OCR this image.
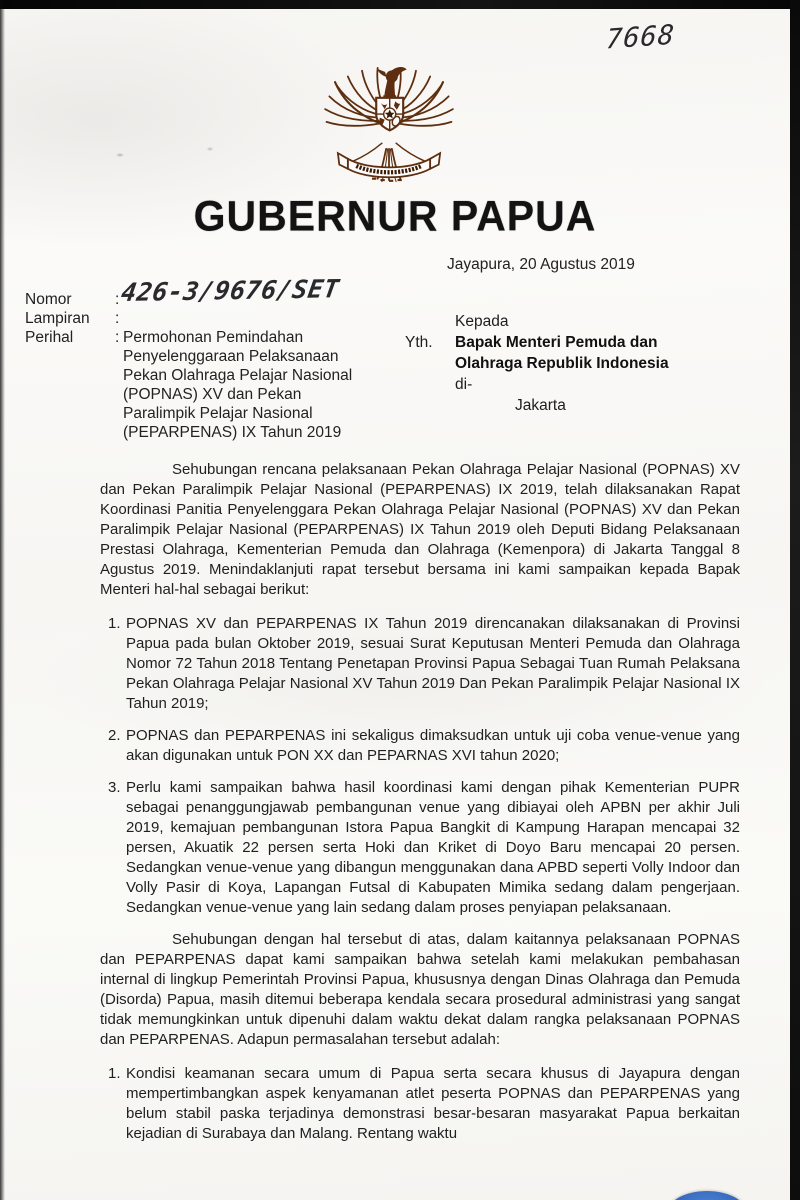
7668
GUBERNUR PAPUA
Jayapura, 20 Agustus 2019
Nomor	: 426-3/9676/SET
Lampiran	:
Perihal	: Permohonan Pemindahan Penyelenggaraan Pelaksanaan Pekan Olahraga Pelajar Nasional (POPNAS) XV dan Pekan Paralimpik Pelajar Nasional (PEPARPENAS) IX Tahun 2019
Kepada
Yth.	Bapak Menteri Pemuda dan Olahraga Republik Indonesia
di-
Jakarta

Sehubungan rencana pelaksanaan Pekan Olahraga Pelajar Nasional (POPNAS) XV dan Pekan Paralimpik Pelajar Nasional (PEPARPENAS) IX 2019, telah dilaksanakan Rapat Koordinasi Panitia Penyelenggara Pekan Olahraga Pelajar Nasional (POPNAS) XV dan Pekan Paralimpik Pelajar Nasional (PEPARPENAS) IX Tahun 2019 oleh Deputi Bidang Pelaksanaan Prestasi Olahraga, Kementerian Pemuda dan Olahraga (Kemenpora) di Jakarta Tanggal 8 Agustus 2019. Menindaklanjuti rapat tersebut bersama ini kami sampaikan kepada Bapak Menteri hal-hal sebagai berikut:

1. POPNAS XV dan PEPARPENAS IX Tahun 2019 direncanakan dilaksanakan di Provinsi Papua pada bulan Oktober 2019, sesuai Surat Keputusan Menteri Pemuda dan Olahraga Nomor 72 Tahun 2018 Tentang Penetapan Provinsi Papua Sebagai Tuan Rumah Pelaksana Pekan Olahraga Pelajar Nasional XV Tahun 2019 Dan Pekan Paralimpik Pelajar Nasional IX Tahun 2019;
2. POPNAS dan PEPARPENAS ini sekaligus dimaksudkan untuk uji coba venue-venue yang akan digunakan untuk PON XX dan PEPARNAS XVI tahun 2020;
3. Perlu kami sampaikan bahwa hasil koordinasi kami dengan pihak Kementerian PUPR sebagai penanggungjawab pembangunan venue yang dibiayai oleh APBN per akhir Juli 2019, kemajuan pembangunan Istora Papua Bangkit di Kampung Harapan mencapai 32 persen, Akuatik 22 persen serta Hoki dan Kriket di Doyo Baru mencapai 20 persen. Sedangkan venue-venue yang dibangun menggunakan dana APBD seperti Volly Indoor dan Volly Pasir di Koya, Lapangan Futsal di Kabupaten Mimika sedang dalam pengerjaan. Sedangkan venue-venue yang lain sedang dalam proses penyiapan pelaksanaan.

Sehubungan dengan hal tersebut di atas, dalam kaitannya pelaksanaan POPNAS dan PEPARPENAS dapat kami sampaikan bahwa setelah kami melakukan pembahasan internal di lingkup Pemerintah Provinsi Papua, khususnya dengan Dinas Olahraga dan Pemuda (Disorda) Papua, masih ditemui beberapa kendala secara prosedural administrasi yang sangat tidak memungkinkan untuk dipenuhi dalam waktu dekat dalam rangka pelaksanaan POPNAS dan PEPARPENAS. Adapun permasalahan tersebut adalah:

1. Kondisi keamanan secara umum di Papua serta secara khusus di Jayapura dengan mempertimbangkan aspek kenyamanan atlet peserta POPNAS dan PEPARPENAS yang belum stabil paska terjadinya demonstrasi besar-besaran masyarakat Papua berkaitan kejadian di Surabaya dan Malang. Rentang waktu
